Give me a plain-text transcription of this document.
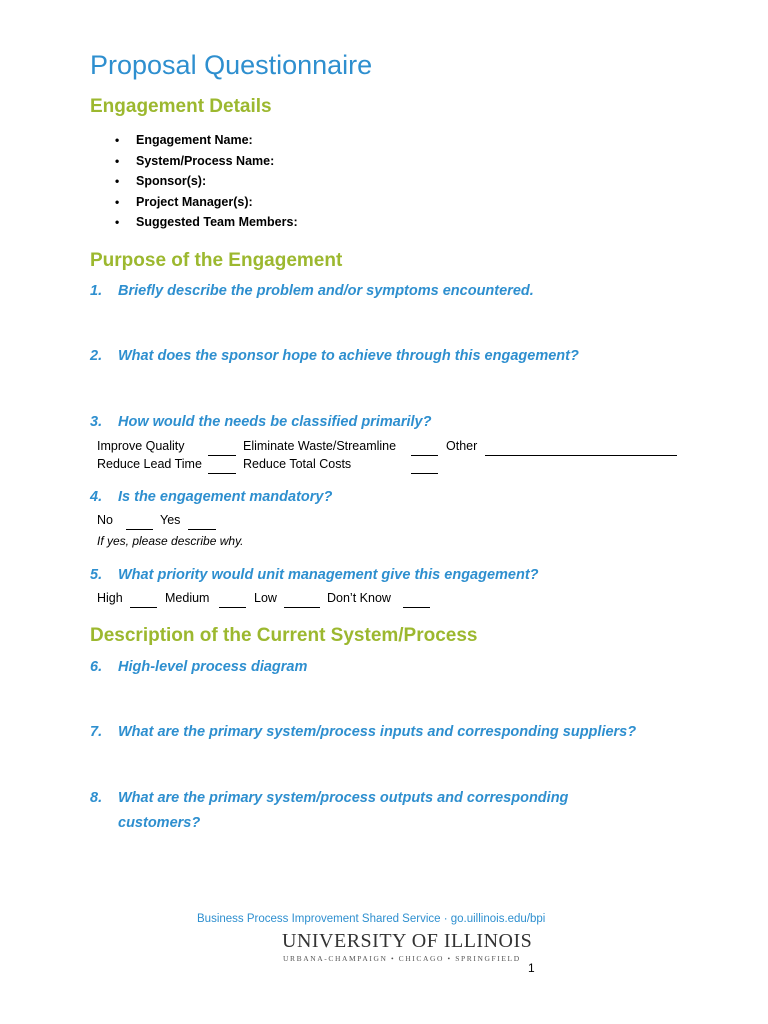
Proposal Questionnaire
Engagement Details
• Engagement Name:
• System/Process Name:
• Sponsor(s):
• Project Manager(s):
• Suggested Team Members:
Purpose of the Engagement
1. Briefly describe the problem and/or symptoms encountered.
2. What does the sponsor hope to achieve through this engagement?
3. How would the needs be classified primarily?
Improve Quality	Eliminate Waste/Streamline	Other
Reduce Lead Time	Reduce Total Costs
4. Is the engagement mandatory?
No	Yes
If yes, please describe why.
5. What priority would unit management give this engagement?
High	Medium	Low	Don’t Know
Description of the Current System/Process
6. High-level process diagram
7. What are the primary system/process inputs and corresponding suppliers?
8. What are the primary system/process outputs and corresponding
customers?
Business Process Improvement Shared Service · go.uillinois.edu/bpi
UNIVERSITY OF ILLINOIS
URBANA-CHAMPAIGN • CHICAGO • SPRINGFIELD
1
